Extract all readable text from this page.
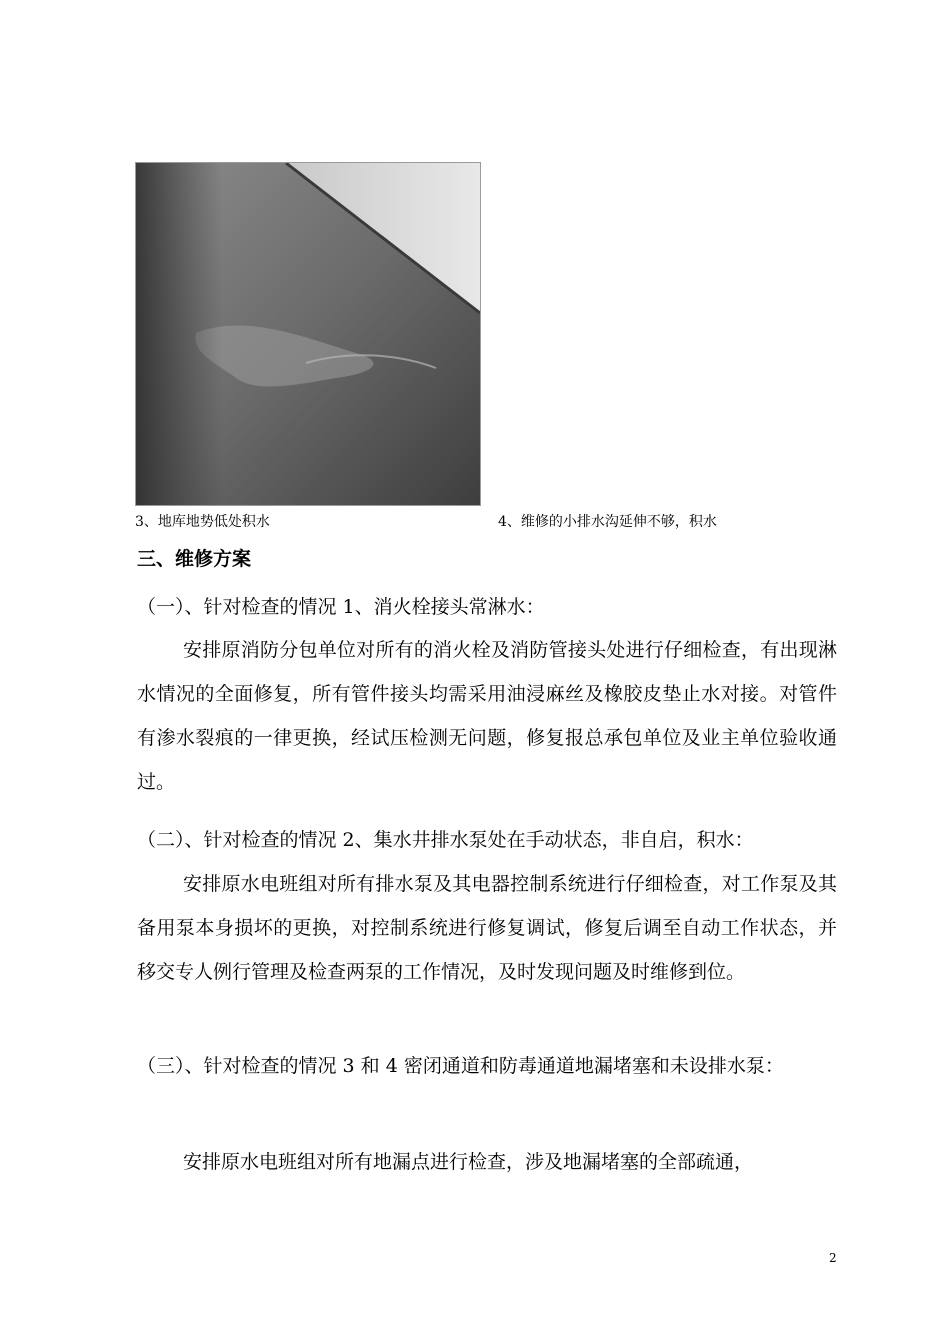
3、地库地势低处积水	4、维修的小排水沟延伸不够，积水
三、维修方案
（一）、针对检查的情况 1、消火栓接头常淋水：
安排原消防分包单位对所有的消火栓及消防管接头处进行仔细检查，有出现淋水情况的全面修复，所有管件接头均需采用油浸麻丝及橡胶皮垫止水对接。对管件有渗水裂痕的一律更换，经试压检测无问题，修复报总承包单位及业主单位验收通过。
（二）、针对检查的情况 2、集水井排水泵处在手动状态，非自启，积水：
安排原水电班组对所有排水泵及其电器控制系统进行仔细检查，对工作泵及其备用泵本身损坏的更换，对控制系统进行修复调试，修复后调至自动工作状态，并移交专人例行管理及检查两泵的工作情况，及时发现问题及时维修到位。
（三）、针对检查的情况 3 和 4 密闭通道和防毒通道地漏堵塞和未设排水泵：
安排原水电班组对所有地漏点进行检查，涉及地漏堵塞的全部疏通，
2
